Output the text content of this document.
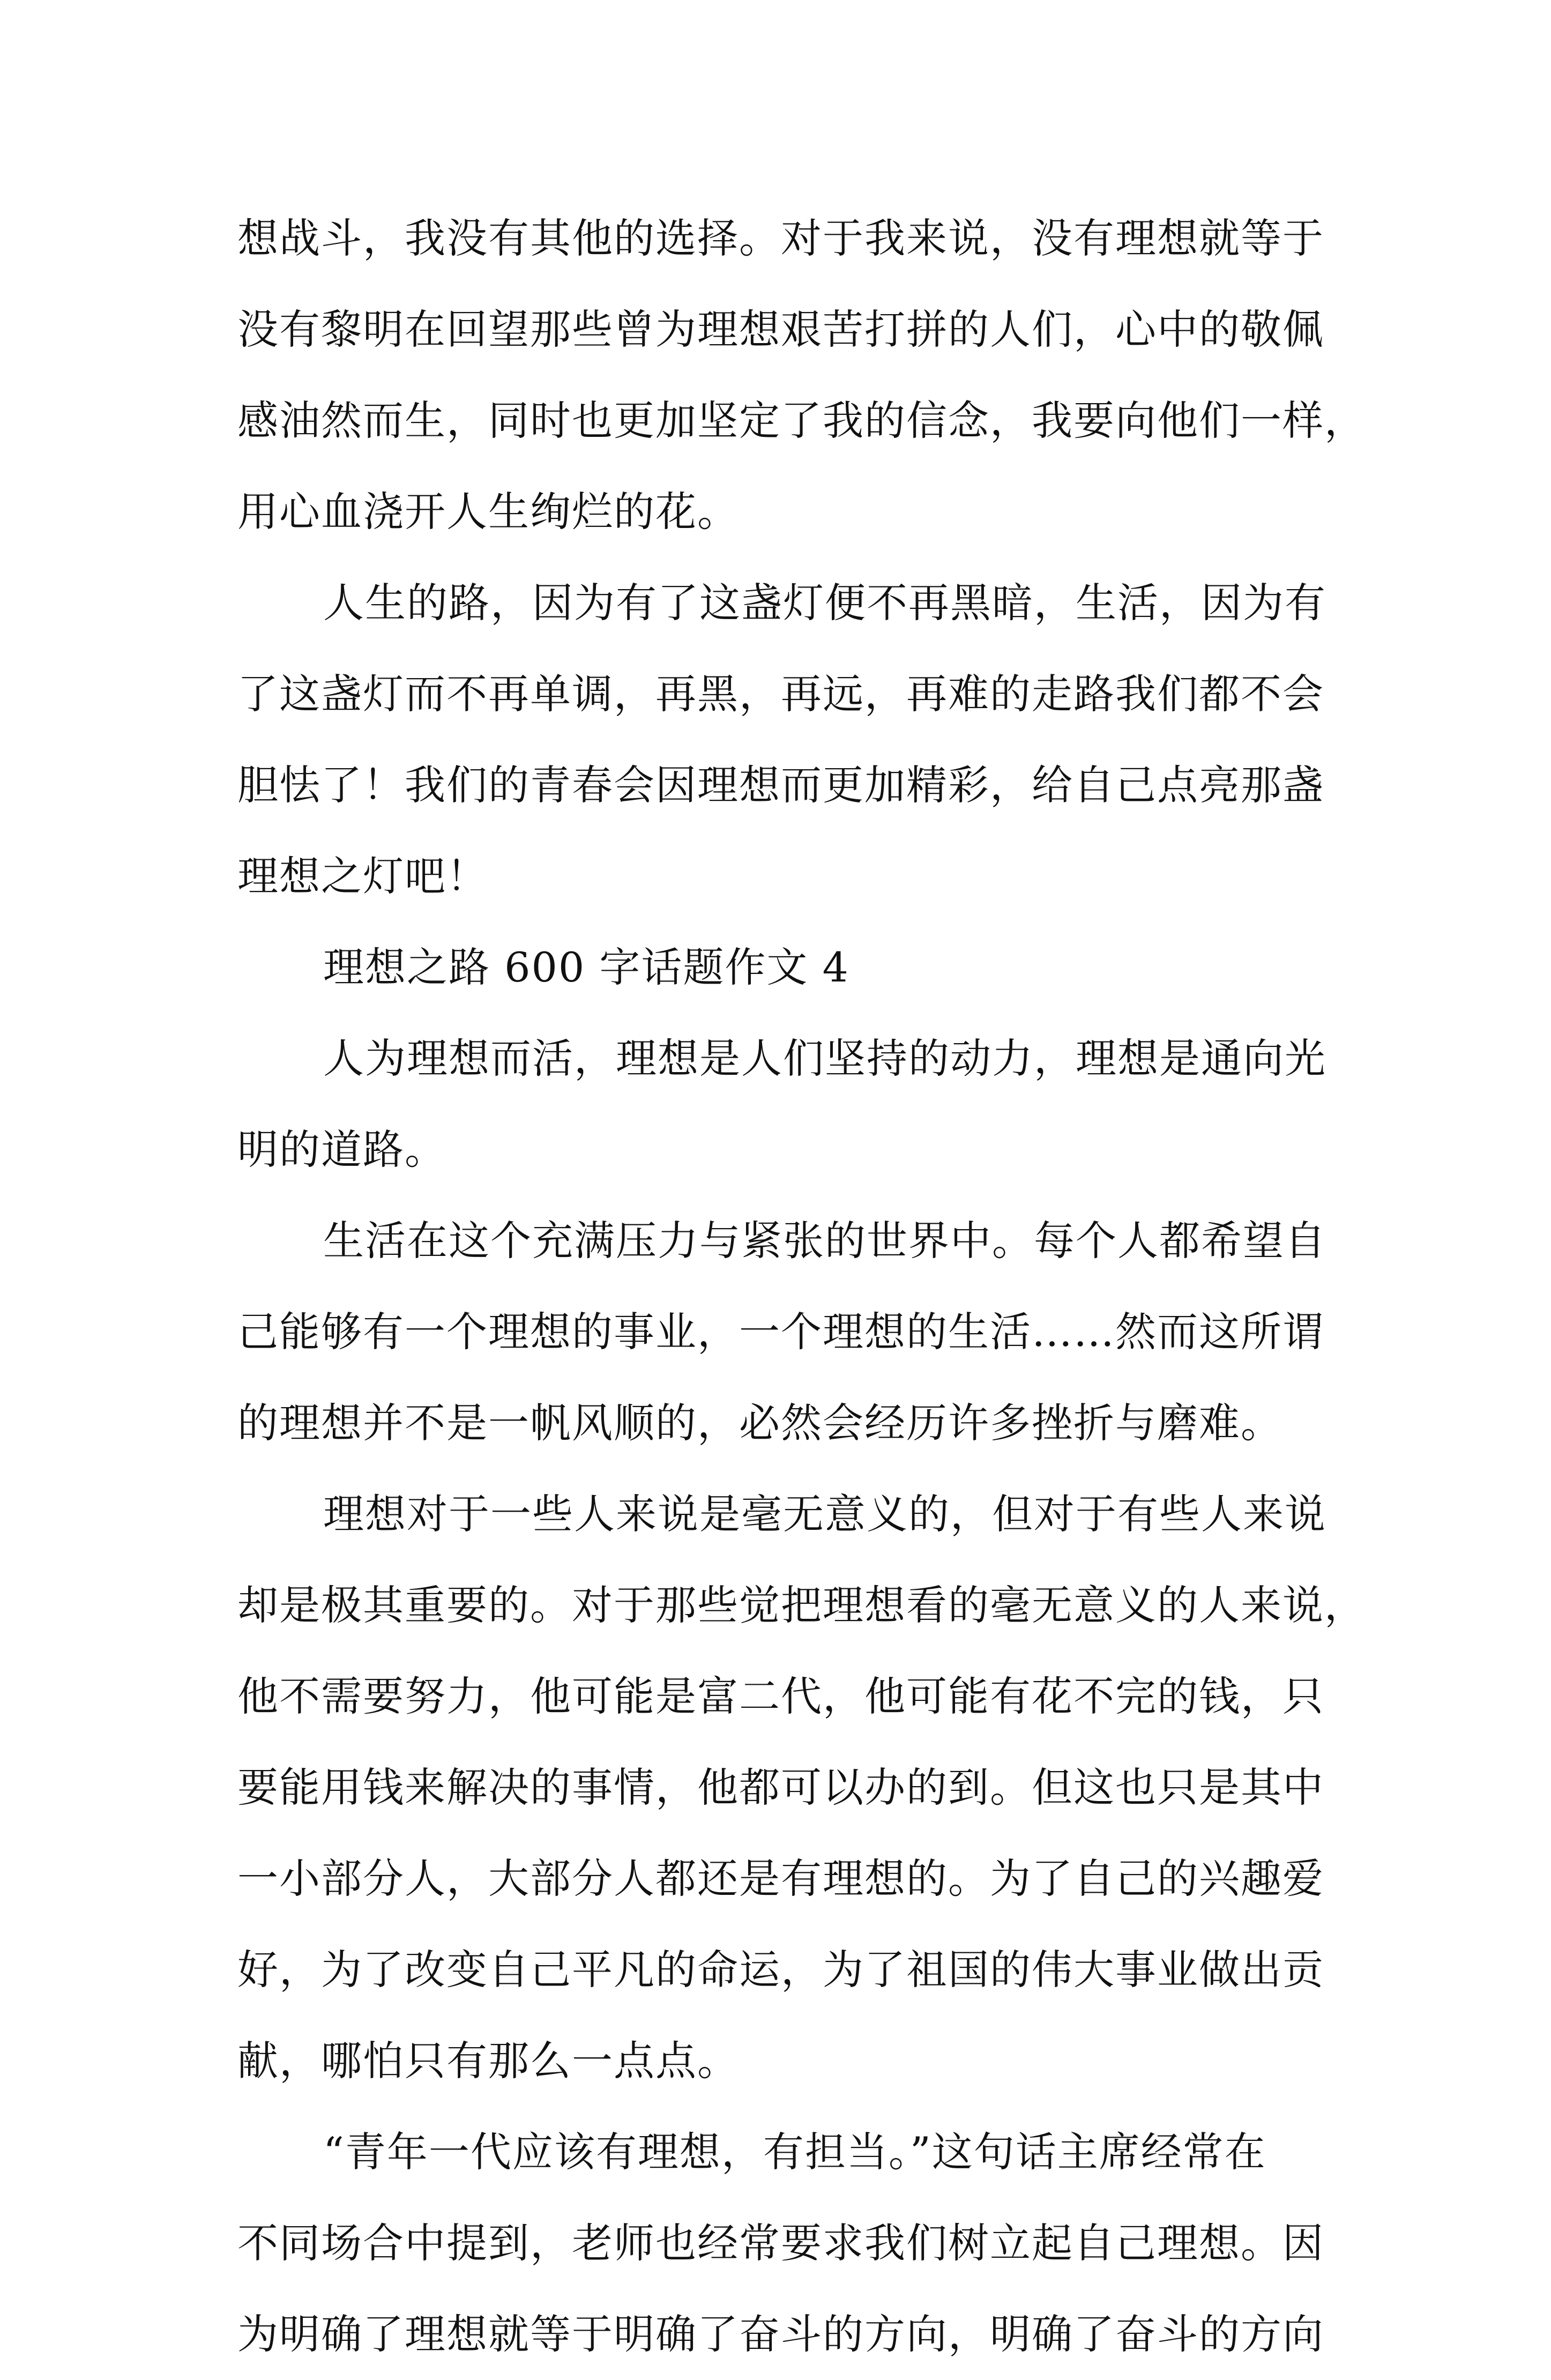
想战斗，我没有其他的选择。对于我来说，没有理想就等于
没有黎明在回望那些曾为理想艰苦打拼的人们，心中的敬佩
感油然而生，同时也更加坚定了我的信念，我要向他们一样，
用心血浇开人生绚烂的花。
人生的路，因为有了这盏灯便不再黑暗，生活，因为有
了这盏灯而不再单调，再黑，再远，再难的走路我们都不会
胆怯了！我们的青春会因理想而更加精彩，给自己点亮那盏
理想之灯吧！
理想之路 600 字话题作文 4
人为理想而活，理想是人们坚持的动力，理想是通向光
明的道路。
生活在这个充满压力与紧张的世界中。每个人都希望自
己能够有一个理想的事业，一个理想的生活……然而这所谓
的理想并不是一帆风顺的，必然会经历许多挫折与磨难。
理想对于一些人来说是毫无意义的，但对于有些人来说
却是极其重要的。对于那些觉把理想看的毫无意义的人来说，
他不需要努力，他可能是富二代，他可能有花不完的钱，只
要能用钱来解决的事情，他都可以办的到。但这也只是其中
一小部分人，大部分人都还是有理想的。为了自己的兴趣爱
好，为了改变自己平凡的命运，为了祖国的伟大事业做出贡
献，哪怕只有那么一点点。
“青年一代应该有理想，有担当。”这句话主席经常在
不同场合中提到，老师也经常要求我们树立起自己理想。因
为明确了理想就等于明确了奋斗的方向，明确了奋斗的方向
